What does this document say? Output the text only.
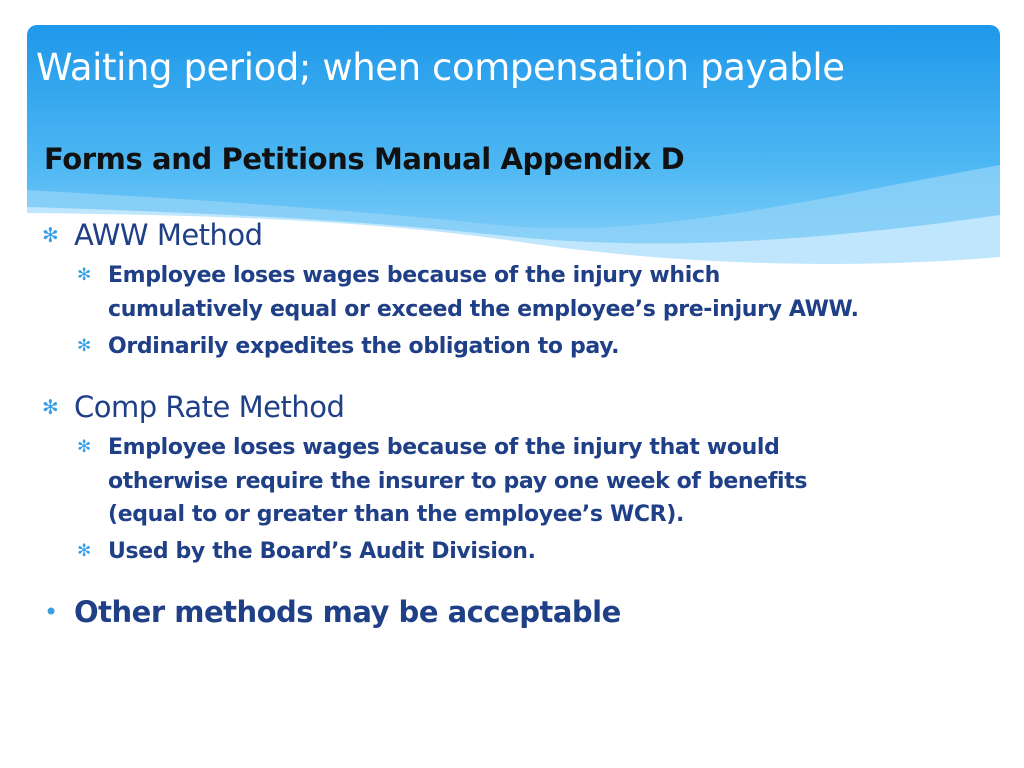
Waiting period; when compensation payable
Forms and Petitions Manual Appendix D
✻ AWW Method
✻ Employee loses wages because of the injury which
cumulatively equal or exceed the employee’s pre-injury AWW.
✻ Ordinarily expedites the obligation to pay.
✻ Comp Rate Method
✻ Employee loses wages because of the injury that would
otherwise require the insurer to pay one week of benefits
(equal to or greater than the employee’s WCR).
✻ Used by the Board’s Audit Division.
• Other methods may be acceptable
